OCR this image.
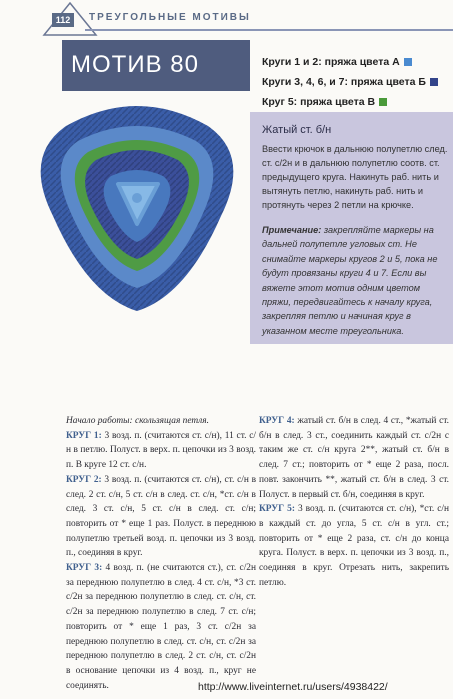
112	ТРЕУГОЛЬНЫЕ МОТИВЫ
МОТИВ 80	Круги 1 и 2: пряжа цвета А
Круги 3, 4, 6, и 7: пряжа цвета Б
Круг 5: пряжа цвета В
Жатый ст. б/н

Ввести крючок в дальнюю полупетлю след. ст. с/2н и в дальнюю полупетлю соотв. ст. предыдущего круга. Накинуть раб. нить и вытянуть петлю, накинуть раб. нить и протянуть через 2 петли на крючке.

Примечание: закрепляйте маркеры на дальней полупетле угловых ст. Не снимайте маркеры кругов 2 и 5, пока не будут провязаны круги 4 и 7. Если вы вяжете этот мотив одним цветом пряжи, передвигайтесь к началу круга, закрепляя петлю и начиная круг в указанном месте треугольника.

Начало работы: скользящая петля.

КРУГ 1: 3 возд. п. (считаются ст. с/н), 11 ст. с/н в петлю. Полуст. в верх. п. цепочки из 3 возд. п. В круге 12 ст. с/н.

КРУГ 2: 3 возд. п. (считаются ст. с/н), ст. с/н в след. 2 ст. с/н, 5 ст. с/н в след. ст. с/н, *ст. с/н в след. 3 ст. с/н, 5 ст. с/н в след. ст. с/н; повторить от * еще 1 раз. Полуст. в переднюю полупетлю третьей возд. п. цепочки из 3 возд. п., соединяя в круг.

КРУГ 3: 4 возд. п. (не считаются ст.), ст. с/2н за переднюю полупетлю в след. 4 ст. с/н, *3 ст. с/2н за переднюю полупетлю в след. ст. с/н, ст. с/2н за переднюю полупетлю в след. 7 ст. с/н; повторить от * еще 1 раз, 3 ст. с/2н за переднюю полупетлю в след. ст. с/н, ст. с/2н за переднюю полупетлю в след. 2 ст. с/н, ст. с/2н в основание цепочки из 4 возд. п., круг не соединять.

КРУГ 4: жатый ст. б/н в след. 4 ст., *жатый ст. б/н в след. 3 ст., соединить каждый ст. с/2н с таким же ст. с/н круга 2**, жатый ст. б/н в след. 7 ст.; повторить от * еще 2 раза, посл. повт. закончить **, жатый ст. б/н в след. 3 ст. Полуст. в первый ст. б/н, соединяя в круг.

КРУГ 5: 3 возд. п. (считаются ст. с/н), *ст. с/н в каждый ст. до угла, 5 ст. с/н в угл. ст.; повторить от * еще 2 раза, ст. с/н до конца круга. Полуст. в верх. п. цепочки из 3 возд. п., соединяя в круг. Отрезать нить, закрепить петлю.

http://www.liveinternet.ru/users/4938422/
